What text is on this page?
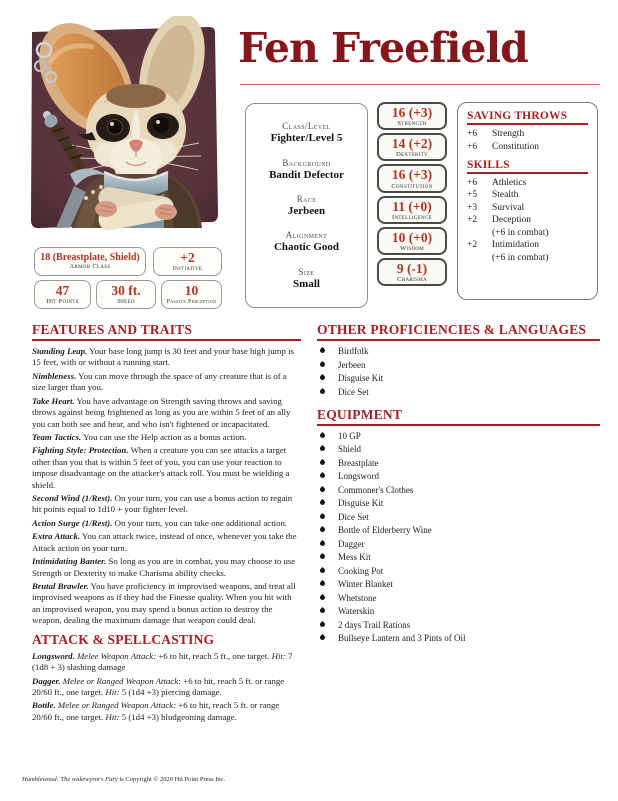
Fen Freefield
Class/Level
Fighter/Level 5
Background
Bandit Defector
Race
Jerbeen
Alignment
Chaotic Good
Size
Small
16 (+3)
Strength
14 (+2)
Dexterity
16 (+3)
Constitution
11 (+0)
Intelligence
10 (+0)
Wisdom
9 (-1)
Charisma
SAVING THROWS
+6	Strength
+6	Constitution
SKILLS
+6	Athletics
+5	Stealth
+3	Survival
+2	Deception
(+6 in combat)
+2	Intimidation
(+6 in combat)
18 (Breastplate, Shield)
Armor Class
+2
Initiative
47
Hit Points
30 ft.
Speed
10
Passive Perception
FEATURES AND TRAITS

Standing Leap. Your base long jump is 30 feet and your base high jump is 15 feet, with or without a running start.

Nimbleness. You can move through the space of any creature that is of a size larger than you.

Take Heart. You have advantage on Strength saving throws and saving throws against being frightened as long as you are within 5 feet of an ally you can both see and hear, and who isn't fightened or incapacitated.

Team Tactics. You can use the Help action as a bonus action.

Fighting Style: Protection. When a creature you can see attacks a target other than you that is within 5 feet of you, you can use your reaction to impose disadvantage on the attacker's attack roll. You must be wielding a shield.

Second Wind (1/Rest). On your turn, you can use a bonus action to regain hit points equal to 1d10 + your fighter level.

Action Surge (1/Rest). On your turn, you can take one additional action.

Extra Attack. You can attack twice, instead of once, whenever you take the Attack action on your turn.

Intimidating Banter. So long as you are in combat, you may choose to use Strength or Dexterity to make Charisma ability checks.

Brutal Brawler. You have proficiency in improvised weapons, and treat all improvised weapons as if they had the Finesse quality. When you hit with an improvised weapon, you may spend a bonus action to destroy the weapon, dealing the maximum damage that weapon could deal.

ATTACK & SPELLCASTING

Longsword. Melee Weapon Attack: +6 to hit, reach 5 ft., one target. Hit: 7 (1d8 + 3) slashing damage

Dagger. Melee or Ranged Weapon Attack: +6 to hit, reach 5 ft. or range 20/60 ft., one target. Hit: 5 (1d4 +3) piercing damage.

Bottle. Melee or Ranged Weapon Attack: +6 to hit, reach 5 ft. or range 20/60 ft., one target. Hit: 5 (1d4 +3) bludgeoning damage.

OTHER PROFICIENCIES & LANGUAGES
Birdfolk
Jerbeen
Disguise Kit
Dice Set
EQUIPMENT
10 GP
Shield
Breastplate
Longsword
Commoner's Clothes
Disguise Kit
Dice Set
Bottle of Elderberry Wine
Dagger
Mess Kit
Cooking Pot
Winter Blanket
Whetstone
Waterskin
2 days Trail Rations
Bullseye Lantern and 3 Pints of Oil
Humblewood: The wakewyrm's Fury is Copyright © 2020 Hit Point Press Inc.
